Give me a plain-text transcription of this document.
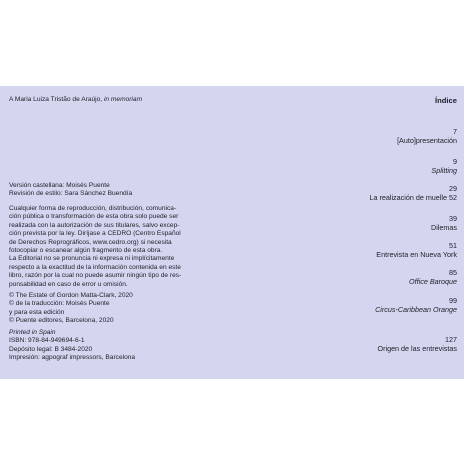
A Maria Luiza Tristão de Araújo, in memoriam

Versión castellana: Moisés Puente

Revisión de estilo: Sara Sánchez Buendía

Cualquier forma de reproducción, distribución, comunica-

ción pública o transformación de esta obra solo puede ser

realizada con la autorización de sus titulares, salvo excep-

ción prevista por la ley. Diríjase a CEDRO (Centro Español

de Derechos Reprográficos, www.cedro.org) si necesita

fotocopiar o escanear algún fragmento de esta obra.

La Editorial no se pronuncia ni expresa ni implícitamente

respecto a la exactitud de la información contenida en este

libro, razón por la cual no puede asumir ningún tipo de res-

ponsabilidad en caso de error u omisión.

© The Estate of Gordon Matta-Clark, 2020

© de la traducción: Moisés Puente

y para esta edición

© Puente editores, Barcelona, 2020

Printed in Spain

ISBN: 978-84-949694-6-1

Depósito legal: B 3484-2020

Impresión: agpograf impressors, Barcelona

Índice
7
[Auto]presentación
9
Splitting
29
La realización de muelle 52
39
Dilemas
51
Entrevista en Nueva York
85
Office Baroque
99
Circus-Caribbean Orange
127
Origen de las entrevistas
